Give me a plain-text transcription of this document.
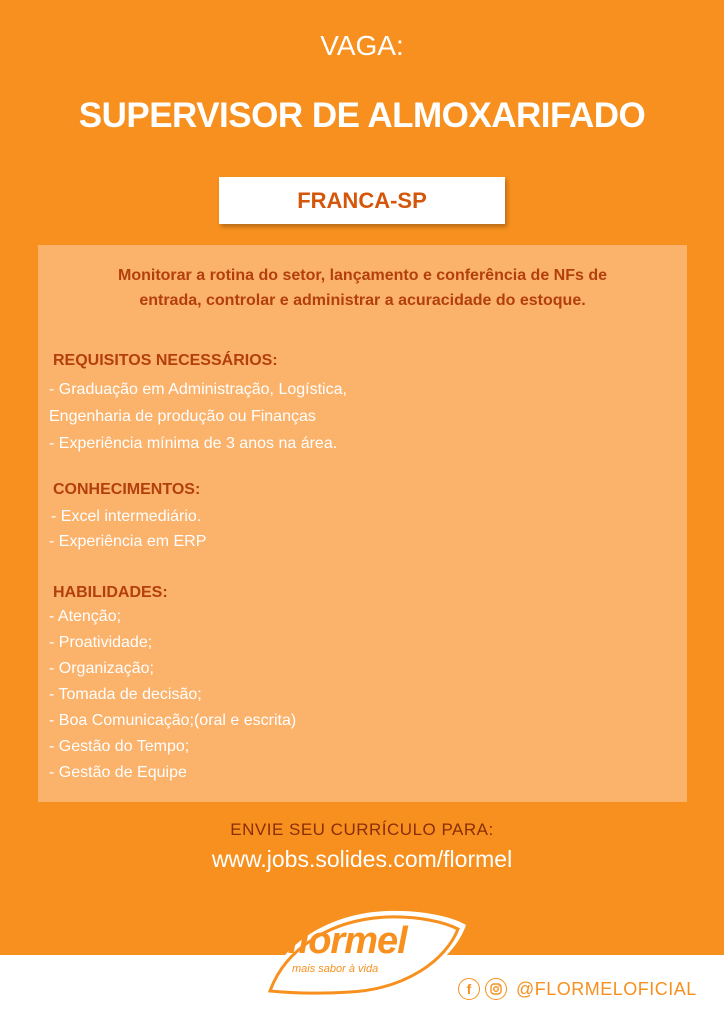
VAGA:
SUPERVISOR DE ALMOXARIFADO
FRANCA-SP
Monitorar a rotina do setor, lançamento e conferência de NFs de
entrada, controlar e administrar a acuracidade do estoque.
REQUISITOS NECESSÁRIOS:
- Graduação em Administração, Logística,
Engenharia de produção ou Finanças
- Experiência mínima de 3 anos na área.
CONHECIMENTOS:
- Excel intermediário.
- Experiência em ERP
HABILIDADES:
- Atenção;
- Proatividade;
- Organização;
- Tomada de decisão;
- Boa Comunicação;(oral e escrita)
- Gestão do Tempo;
- Gestão de Equipe
ENVIE SEU CURRÍCULO PARA:
www.jobs.solides.com/flormel
flormel
mais sabor à vida
f	@FLORMELOFICIAL
